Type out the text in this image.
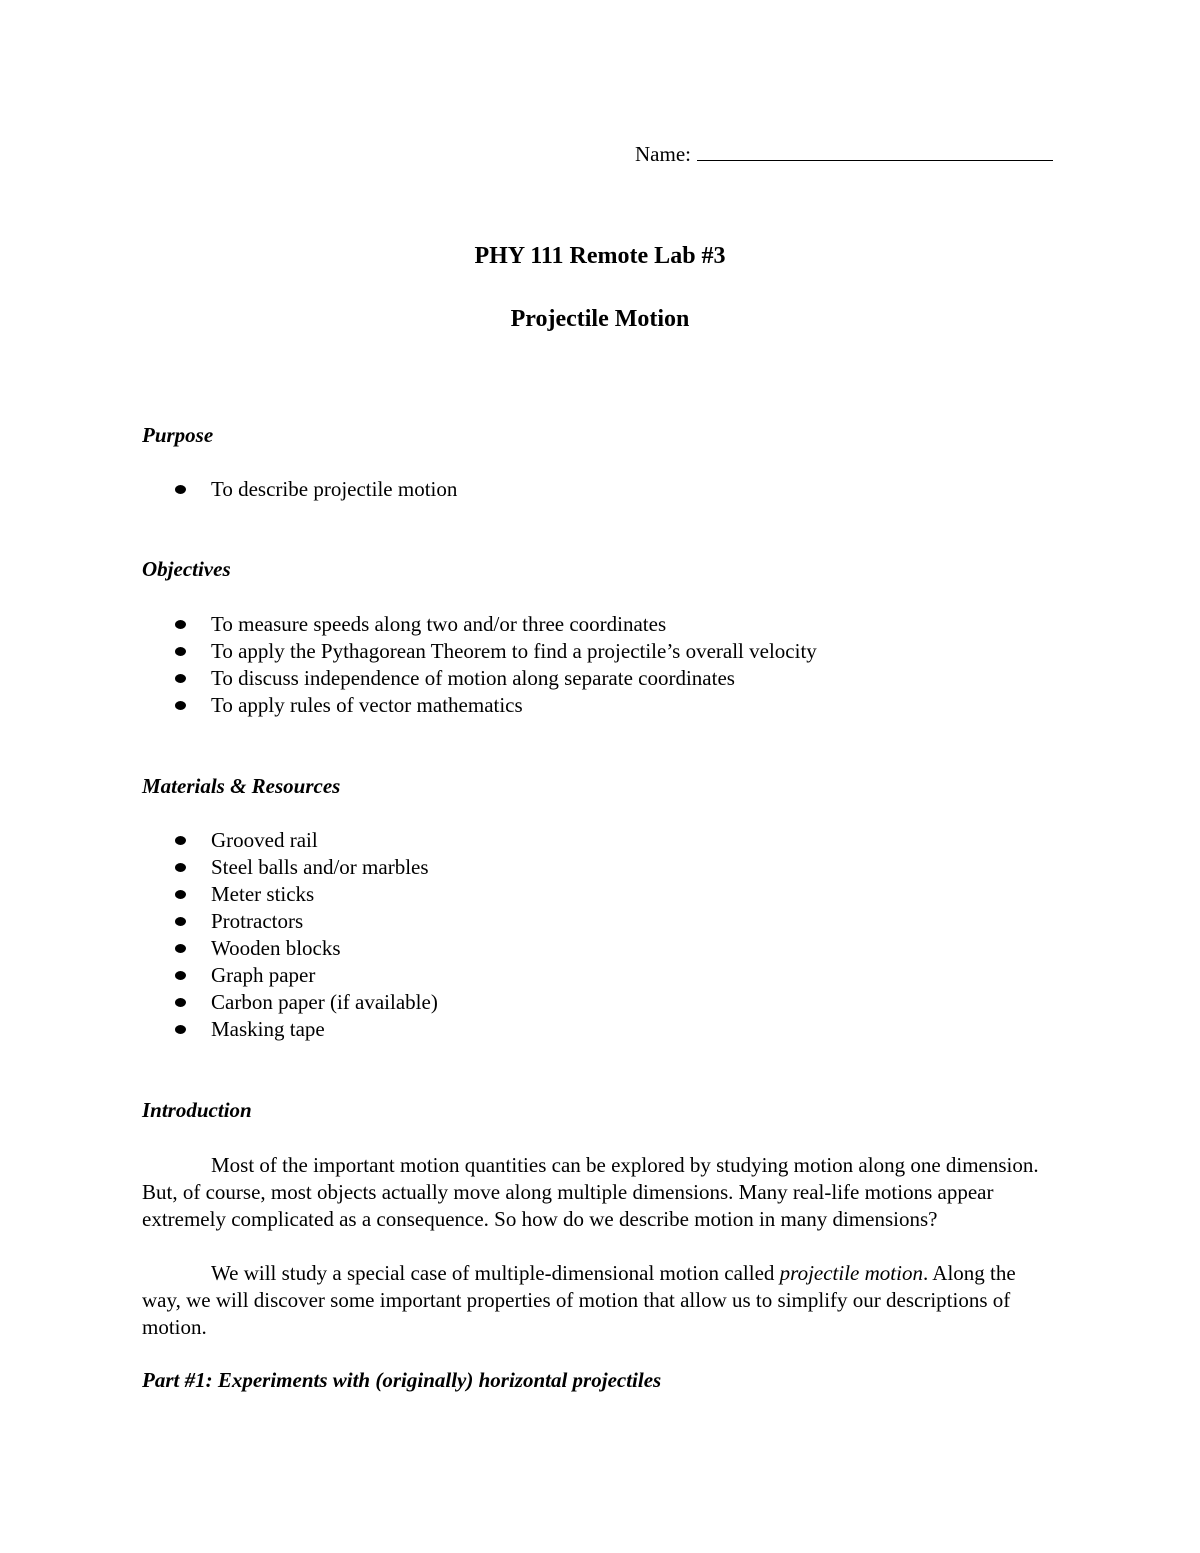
Name:
PHY 111 Remote Lab #3
Projectile Motion
Purpose
To describe projectile motion
Objectives
To measure speeds along two and/or three coordinates
To apply the Pythagorean Theorem to find a projectile’s overall velocity
To discuss independence of motion along separate coordinates
To apply rules of vector mathematics
Materials & Resources
Grooved rail
Steel balls and/or marbles
Meter sticks
Protractors
Wooden blocks
Graph paper
Carbon paper (if available)
Masking tape
Introduction

Most of the important motion quantities can be explored by studying motion along one dimension. But, of course, most objects actually move along multiple dimensions. Many real-life motions appear extremely complicated as a consequence. So how do we describe motion in many dimensions?

We will study a special case of multiple-dimensional motion called projectile motion. Along the way, we will discover some important properties of motion that allow us to simplify our descriptions of motion.

Part #1: Experiments with (originally) horizontal projectiles
